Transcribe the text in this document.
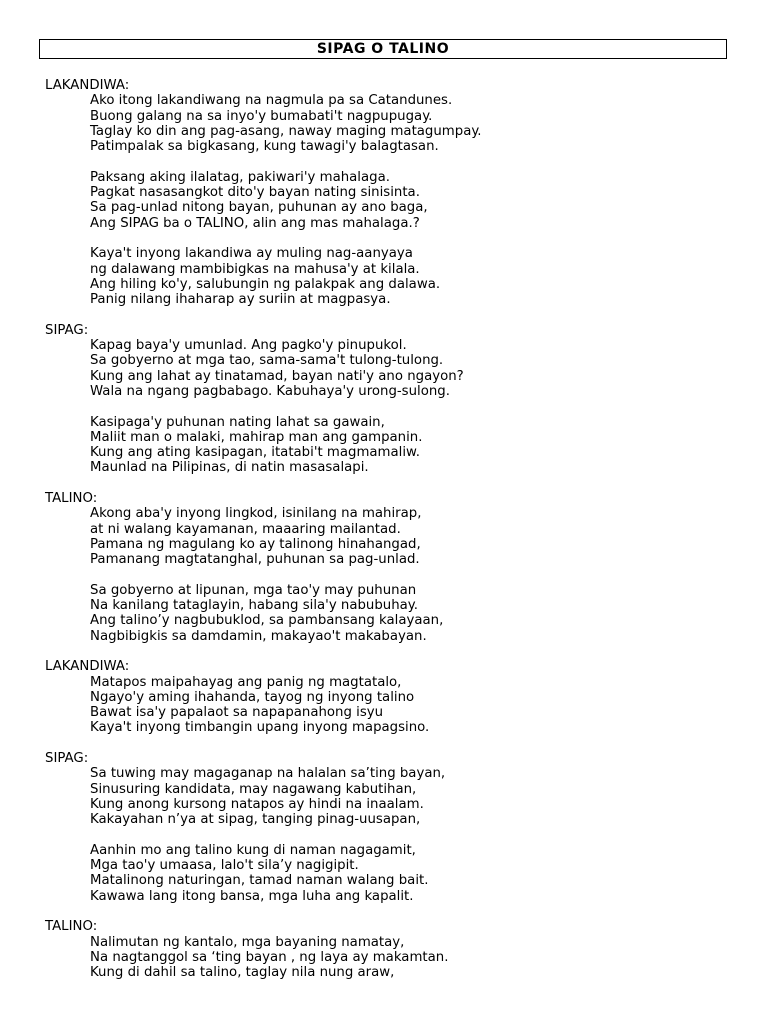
SIPAG O TALINO
LAKANDIWA:
Ako itong lakandiwang na nagmula pa sa Catandunes.
Buong galang na sa inyo'y bumabati't nagpupugay.
Taglay ko din ang pag-asang, naway maging matagumpay.
Patimpalak sa bigkasang, kung tawagi'y balagtasan.
Paksang aking ilalatag, pakiwari'y mahalaga.
Pagkat nasasangkot dito'y bayan nating sinisinta.
Sa pag-unlad nitong bayan, puhunan ay ano baga,
Ang SIPAG ba o TALINO, alin ang mas mahalaga.?
Kaya't inyong lakandiwa ay muling nag-aanyaya
ng dalawang mambibigkas na mahusa'y at kilala.
Ang hiling ko'y, salubungin ng palakpak ang dalawa.
Panig nilang ihaharap ay suriin at magpasya.
SIPAG:
Kapag baya'y umunlad. Ang pagko'y pinupukol.
Sa gobyerno at mga tao, sama-sama't tulong-tulong.
Kung ang lahat ay tinatamad, bayan nati'y ano ngayon?
Wala na ngang pagbabago. Kabuhaya'y urong-sulong.
Kasipaga'y puhunan nating lahat sa gawain,
Maliit man o malaki, mahirap man ang gampanin.
Kung ang ating kasipagan, itatabi't magmamaliw.
Maunlad na Pilipinas, di natin masasalapi.
TALINO:
Akong aba'y inyong lingkod, isinilang na mahirap,
at ni walang kayamanan, maaaring mailantad.
Pamana ng magulang ko ay talinong hinahangad,
Pamanang magtatanghal, puhunan sa pag-unlad.
Sa gobyerno at lipunan, mga tao'y may puhunan
Na kanilang tataglayin, habang sila'y nabubuhay.
Ang talino’y nagbubuklod, sa pambansang kalayaan,
Nagbibigkis sa damdamin, makayao't makabayan.
LAKANDIWA:
Matapos maipahayag ang panig ng magtatalo,
Ngayo'y aming ihahanda, tayog ng inyong talino
Bawat isa'y papalaot sa napapanahong isyu
Kaya't inyong timbangin upang inyong mapagsino.
SIPAG:
Sa tuwing may magaganap na halalan sa’ting bayan,
Sinusuring kandidata, may nagawang kabutihan,
Kung anong kursong natapos ay hindi na inaalam.
Kakayahan n’ya at sipag, tanging pinag-uusapan,
Aanhin mo ang talino kung di naman nagagamit,
Mga tao'y umaasa, lalo't sila’y nagigipit.
Matalinong naturingan, tamad naman walang bait.
Kawawa lang itong bansa, mga luha ang kapalit.
TALINO:
Nalimutan ng kantalo, mga bayaning namatay,
Na nagtanggol sa ‘ting bayan , ng laya ay makamtan.
Kung di dahil sa talino, taglay nila nung araw,
